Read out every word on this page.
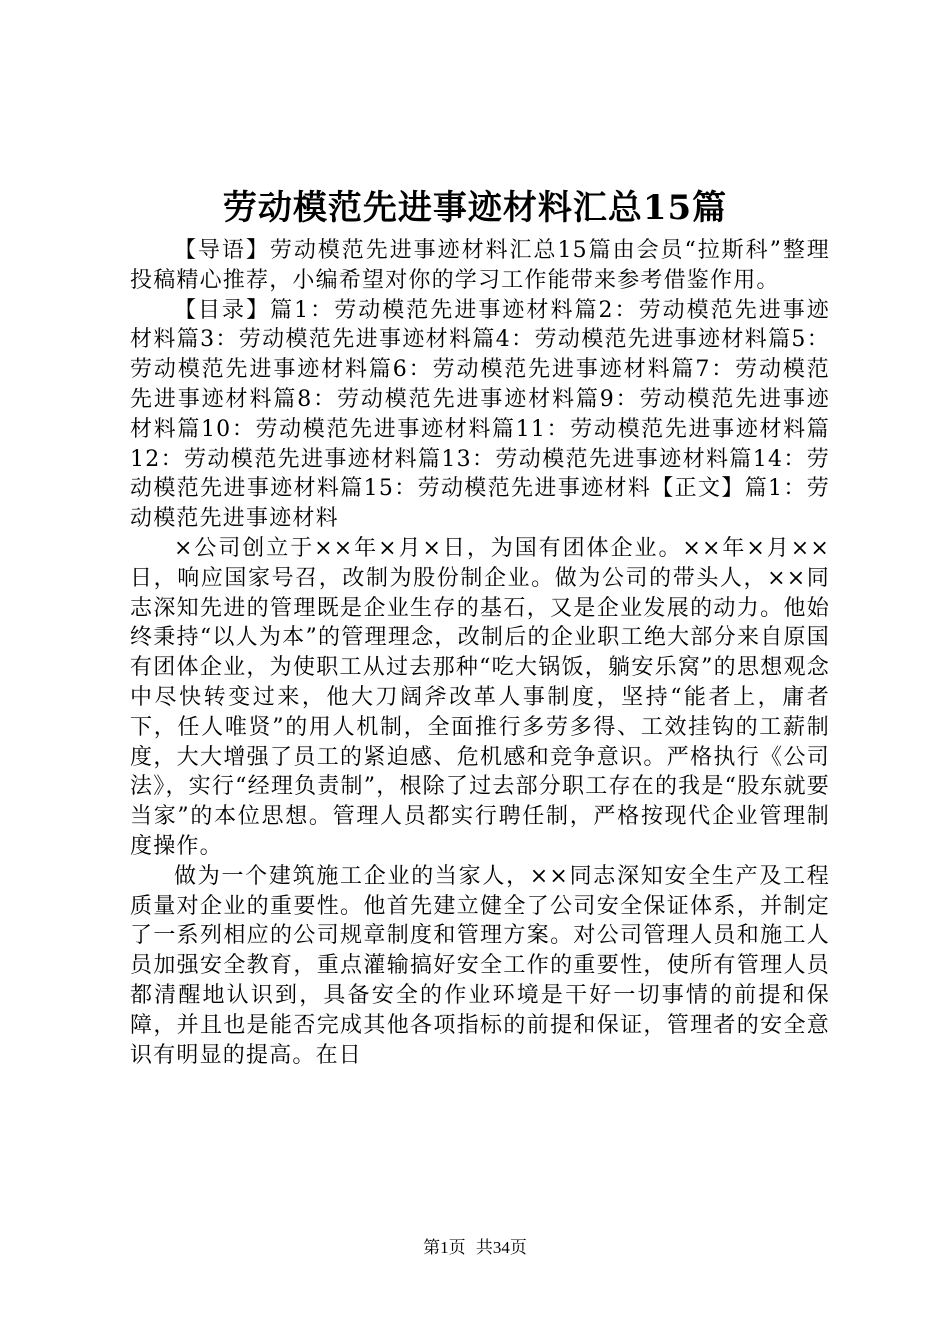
劳动模范先进事迹材料汇总15篇

【导语】劳动模范先进事迹材料汇总15篇由会员“拉斯科”整理投稿精心推荐，小编希望对你的学习工作能带来参考借鉴作用。

【目录】篇1：劳动模范先进事迹材料篇2：劳动模范先进事迹材料篇3：劳动模范先进事迹材料篇4：劳动模范先进事迹材料篇5：劳动模范先进事迹材料篇6：劳动模范先进事迹材料篇7：劳动模范先进事迹材料篇8：劳动模范先进事迹材料篇9：劳动模范先进事迹材料篇10：劳动模范先进事迹材料篇11：劳动模范先进事迹材料篇12：劳动模范先进事迹材料篇13：劳动模范先进事迹材料篇14：劳动模范先进事迹材料篇15：劳动模范先进事迹材料【正文】篇1：劳动模范先进事迹材料

×公司创立于××年×月×日，为国有团体企业。××年×月××日，响应国家号召，改制为股份制企业。做为公司的带头人，××同志深知先进的管理既是企业生存的基石，又是企业发展的动力。他始终秉持“以人为本”的管理理念，改制后的企业职工绝大部分来自原国有团体企业，为使职工从过去那种“吃大锅饭，躺安乐窝”的思想观念中尽快转变过来，他大刀阔斧改革人事制度，坚持“能者上，庸者下，任人唯贤”的用人机制，全面推行多劳多得、工效挂钩的工薪制度，大大增强了员工的紧迫感、危机感和竞争意识。严格执行《公司法》，实行“经理负责制”，根除了过去部分职工存在的我是“股东就要当家”的本位思想。管理人员都实行聘任制，严格按现代企业管理制度操作。

做为一个建筑施工企业的当家人，××同志深知安全生产及工程质量对企业的重要性。他首先建立健全了公司安全保证体系，并制定了一系列相应的公司规章制度和管理方案。对公司管理人员和施工人员加强安全教育，重点灌输搞好安全工作的重要性，使所有管理人员都清醒地认识到，具备安全的作业环境是干好一切事情的前提和保障，并且也是能否完成其他各项指标的前提和保证，管理者的安全意识有明显的提高。在日

第1页 共34页
